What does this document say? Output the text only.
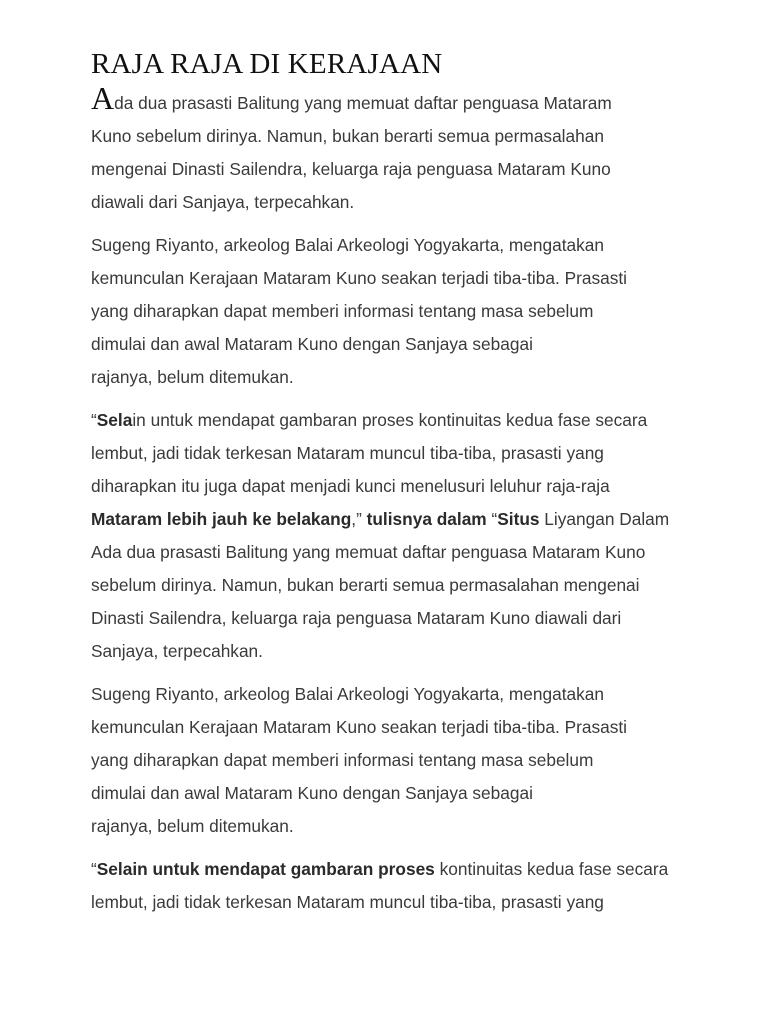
RAJA RAJA DI KERAJAAN

Ada dua prasasti Balitung yang memuat daftar penguasa Mataram
Kuno sebelum dirinya. Namun, bukan berarti semua permasalahan
mengenai Dinasti Sailendra, keluarga raja penguasa Mataram Kuno
diawali dari Sanjaya, terpecahkan.

Sugeng Riyanto, arkeolog Balai Arkeologi Yogyakarta, mengatakan
kemunculan Kerajaan Mataram Kuno seakan terjadi tiba-tiba. Prasasti
yang diharapkan dapat memberi informasi tentang masa sebelum
dimulai dan awal Mataram Kuno dengan Sanjaya sebagai
rajanya, belum ditemukan.

“Selain untuk mendapat gambaran proses kontinuitas kedua fase secara
lembut, jadi tidak terkesan Mataram muncul tiba-tiba, prasasti yang
diharapkan itu juga dapat menjadi kunci menelusuri leluhur raja-raja
Mataram lebih jauh ke belakang,” tulisnya dalam “Situs Liyangan Dalam
Ada dua prasasti Balitung yang memuat daftar penguasa Mataram Kuno
sebelum dirinya. Namun, bukan berarti semua permasalahan mengenai
Dinasti Sailendra, keluarga raja penguasa Mataram Kuno diawali dari
Sanjaya, terpecahkan.

Sugeng Riyanto, arkeolog Balai Arkeologi Yogyakarta, mengatakan
kemunculan Kerajaan Mataram Kuno seakan terjadi tiba-tiba. Prasasti
yang diharapkan dapat memberi informasi tentang masa sebelum
dimulai dan awal Mataram Kuno dengan Sanjaya sebagai
rajanya, belum ditemukan.

“Selain untuk mendapat gambaran proses kontinuitas kedua fase secara
lembut, jadi tidak terkesan Mataram muncul tiba-tiba, prasasti yang
